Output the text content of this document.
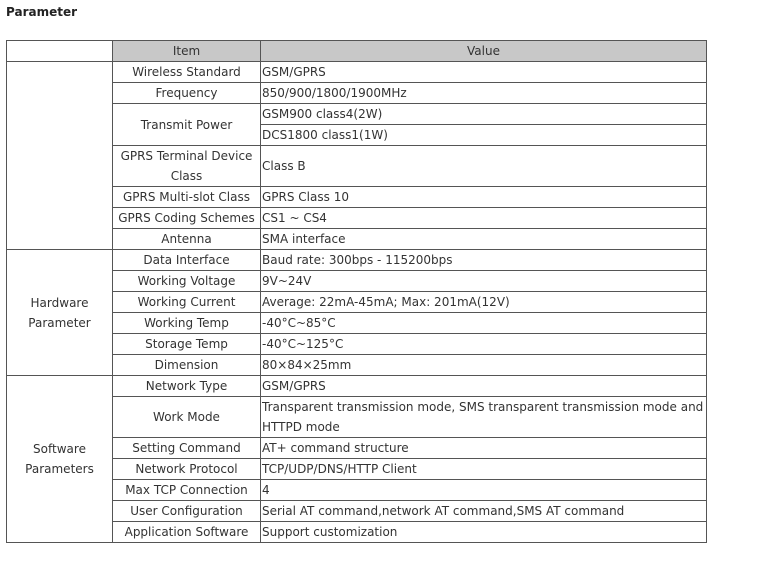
Parameter
	Item	Value
	Wireless Standard	GSM/GPRS
	Frequency	850/900/1800/1900MHz
	Transmit Power	GSM900 class4(2W)
		DCS1800 class1(1W)
	GPRS Terminal Device Class	Class B
	GPRS Multi-slot Class	GPRS Class 10
	GPRS Coding Schemes	CS1 ~ CS4
	Antenna	SMA interface
Hardware Parameter	Data Interface	Baud rate: 300bps - 115200bps
	Working Voltage	9V~24V
	Working Current	Average: 22mA-45mA; Max: 201mA(12V)
	Working Temp	-40°C~85°C
	Storage Temp	-40°C~125°C
	Dimension	80×84×25mm
Software Parameters	Network Type	GSM/GPRS
	Work Mode	Transparent transmission mode, SMS transparent transmission mode and HTTPD mode
	Setting Command	AT+ command structure
	Network Protocol	TCP/UDP/DNS/HTTP Client
	Max TCP Connection	4
	User Configuration	Serial AT command,network AT command,SMS AT command
	Application Software	Support customization
